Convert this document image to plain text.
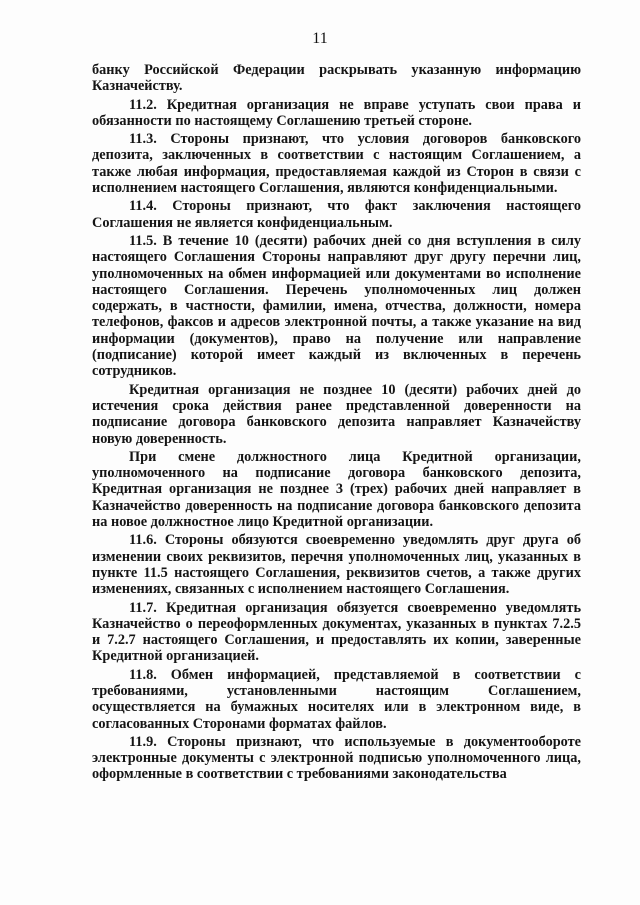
11

банку Российской Федерации раскрывать указанную информацию Казначейству.

11.2. Кредитная организация не вправе уступать свои права и обязанности по настоящему Соглашению третьей стороне.

11.3. Стороны признают, что условия договоров банковского депозита, заключенных в соответствии с настоящим Соглашением, а также любая информация, предоставляемая каждой из Сторон в связи с исполнением настоящего Соглашения, являются конфиденциальными.

11.4. Стороны признают, что факт заключения настоящего Соглашения не является конфиденциальным.

11.5. В течение 10 (десяти) рабочих дней со дня вступления в силу настоящего Соглашения Стороны направляют друг другу перечни лиц, уполномоченных на обмен информацией или документами во исполнение настоящего Соглашения. Перечень уполномоченных лиц должен содержать, в частности, фамилии, имена, отчества, должности, номера телефонов, факсов и адресов электронной почты, а также указание на вид информации (документов), право на получение или направление (подписание) которой имеет каждый из включенных в перечень сотрудников.

Кредитная организация не позднее 10 (десяти) рабочих дней до истечения срока действия ранее представленной доверенности на подписание договора банковского депозита направляет Казначейству новую доверенность.

При смене должностного лица Кредитной организации, уполномоченного на подписание договора банковского депозита, Кредитная организация не позднее 3 (трех) рабочих дней направляет в Казначейство доверенность на подписание договора банковского депозита на новое должностное лицо Кредитной организации.

11.6. Стороны обязуются своевременно уведомлять друг друга об изменении своих реквизитов, перечня уполномоченных лиц, указанных в пункте 11.5 настоящего Соглашения, реквизитов счетов, а также других изменениях, связанных с исполнением настоящего Соглашения.

11.7. Кредитная организация обязуется своевременно уведомлять Казначейство о переоформленных документах, указанных в пунктах 7.2.5 и 7.2.7 настоящего Соглашения, и предоставлять их копии, заверенные Кредитной организацией.

11.8. Обмен информацией, представляемой в соответствии с требованиями, установленными настоящим Соглашением, осуществляется на бумажных носителях или в электронном виде, в согласованных Сторонами форматах файлов.

11.9. Стороны признают, что используемые в документообороте электронные документы с электронной подписью уполномоченного лица, оформленные в соответствии с требованиями законодательства
